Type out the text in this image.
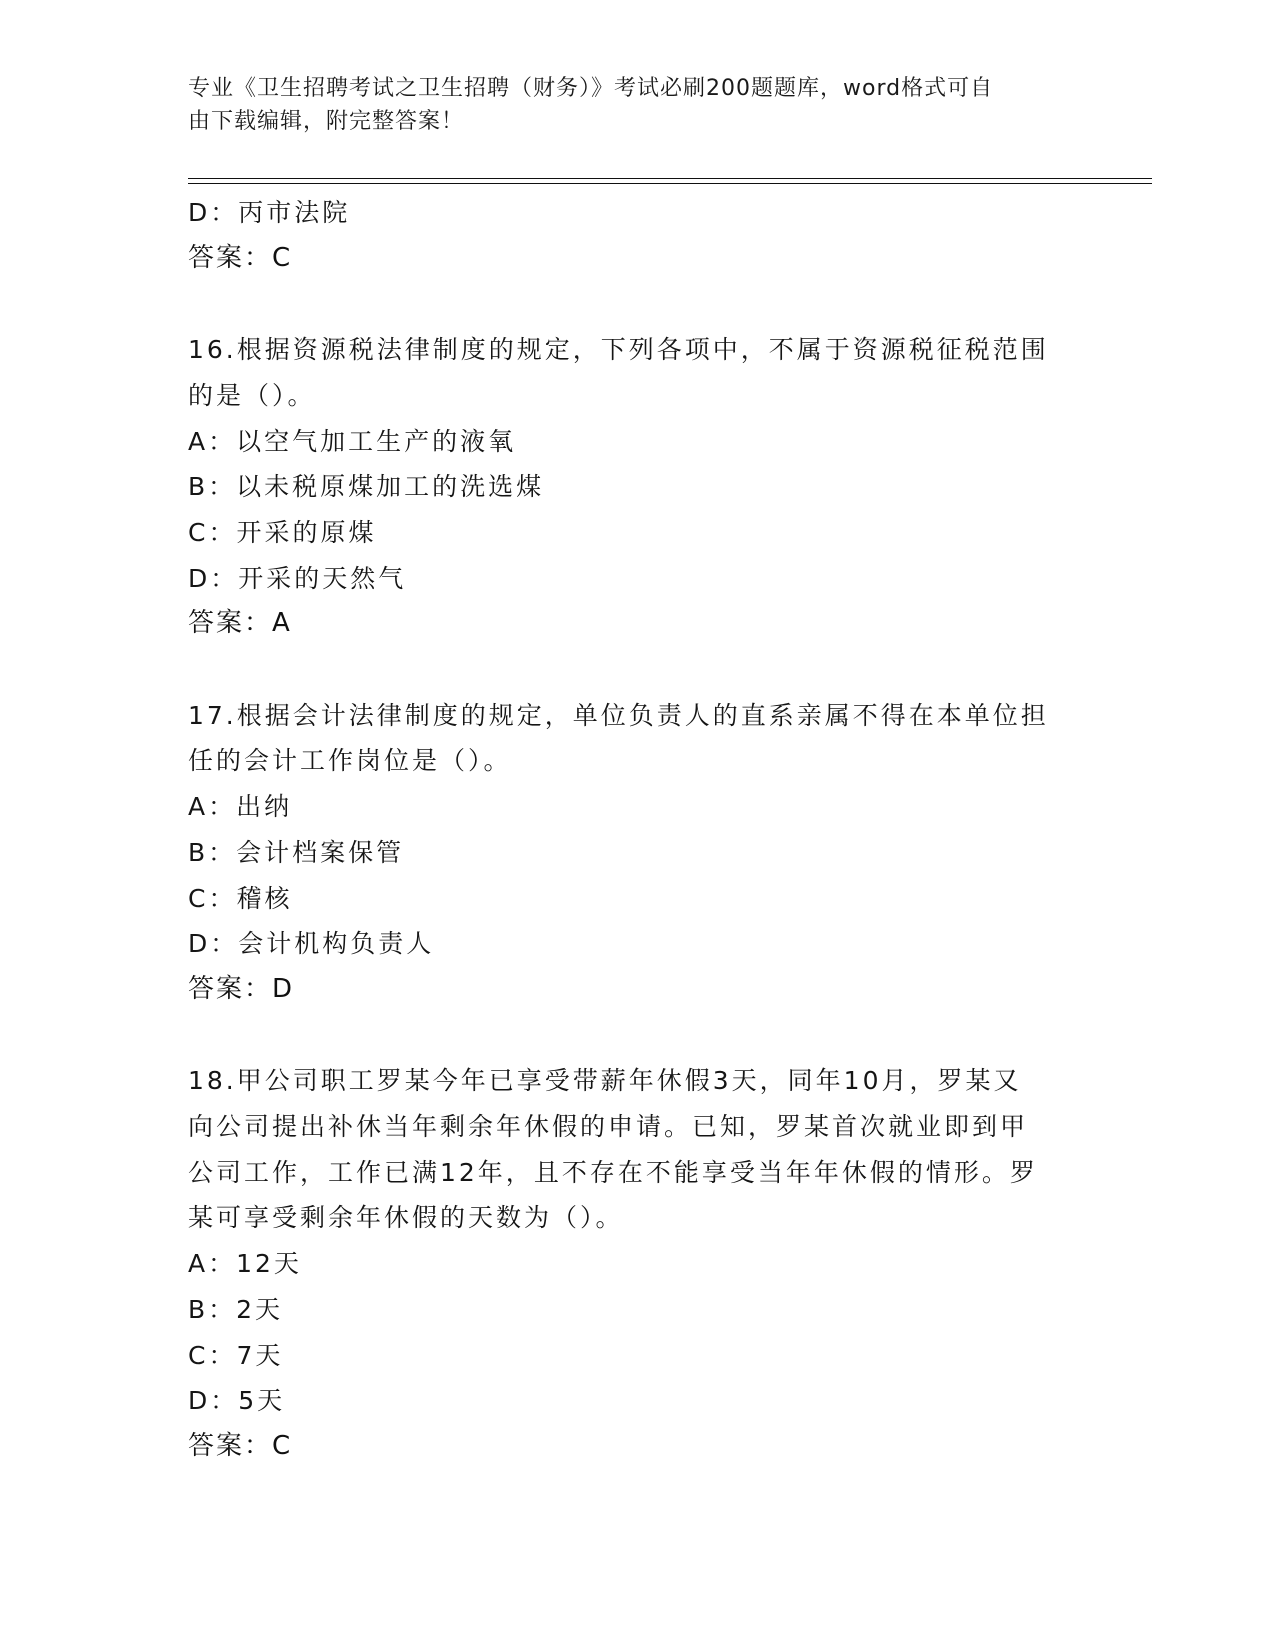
专业《卫生招聘考试之卫生招聘（财务）》考试必刷200题题库，word格式可自
由下载编辑，附完整答案！
D：丙市法院
答案：C
16.根据资源税法律制度的规定，下列各项中，不属于资源税征税范围
的是（）。
A：以空气加工生产的液氧
B：以未税原煤加工的洗选煤
C：开采的原煤
D：开采的天然气
答案：A
17.根据会计法律制度的规定，单位负责人的直系亲属不得在本单位担
任的会计工作岗位是（）。
A：出纳
B：会计档案保管
C：稽核
D：会计机构负责人
答案：D
18.甲公司职工罗某今年已享受带薪年休假3天，同年10月，罗某又
向公司提出补休当年剩余年休假的申请。已知，罗某首次就业即到甲
公司工作，工作已满12年，且不存在不能享受当年年休假的情形。罗
某可享受剩余年休假的天数为（）。
A：12天
B：2天
C：7天
D：5天
答案：C
